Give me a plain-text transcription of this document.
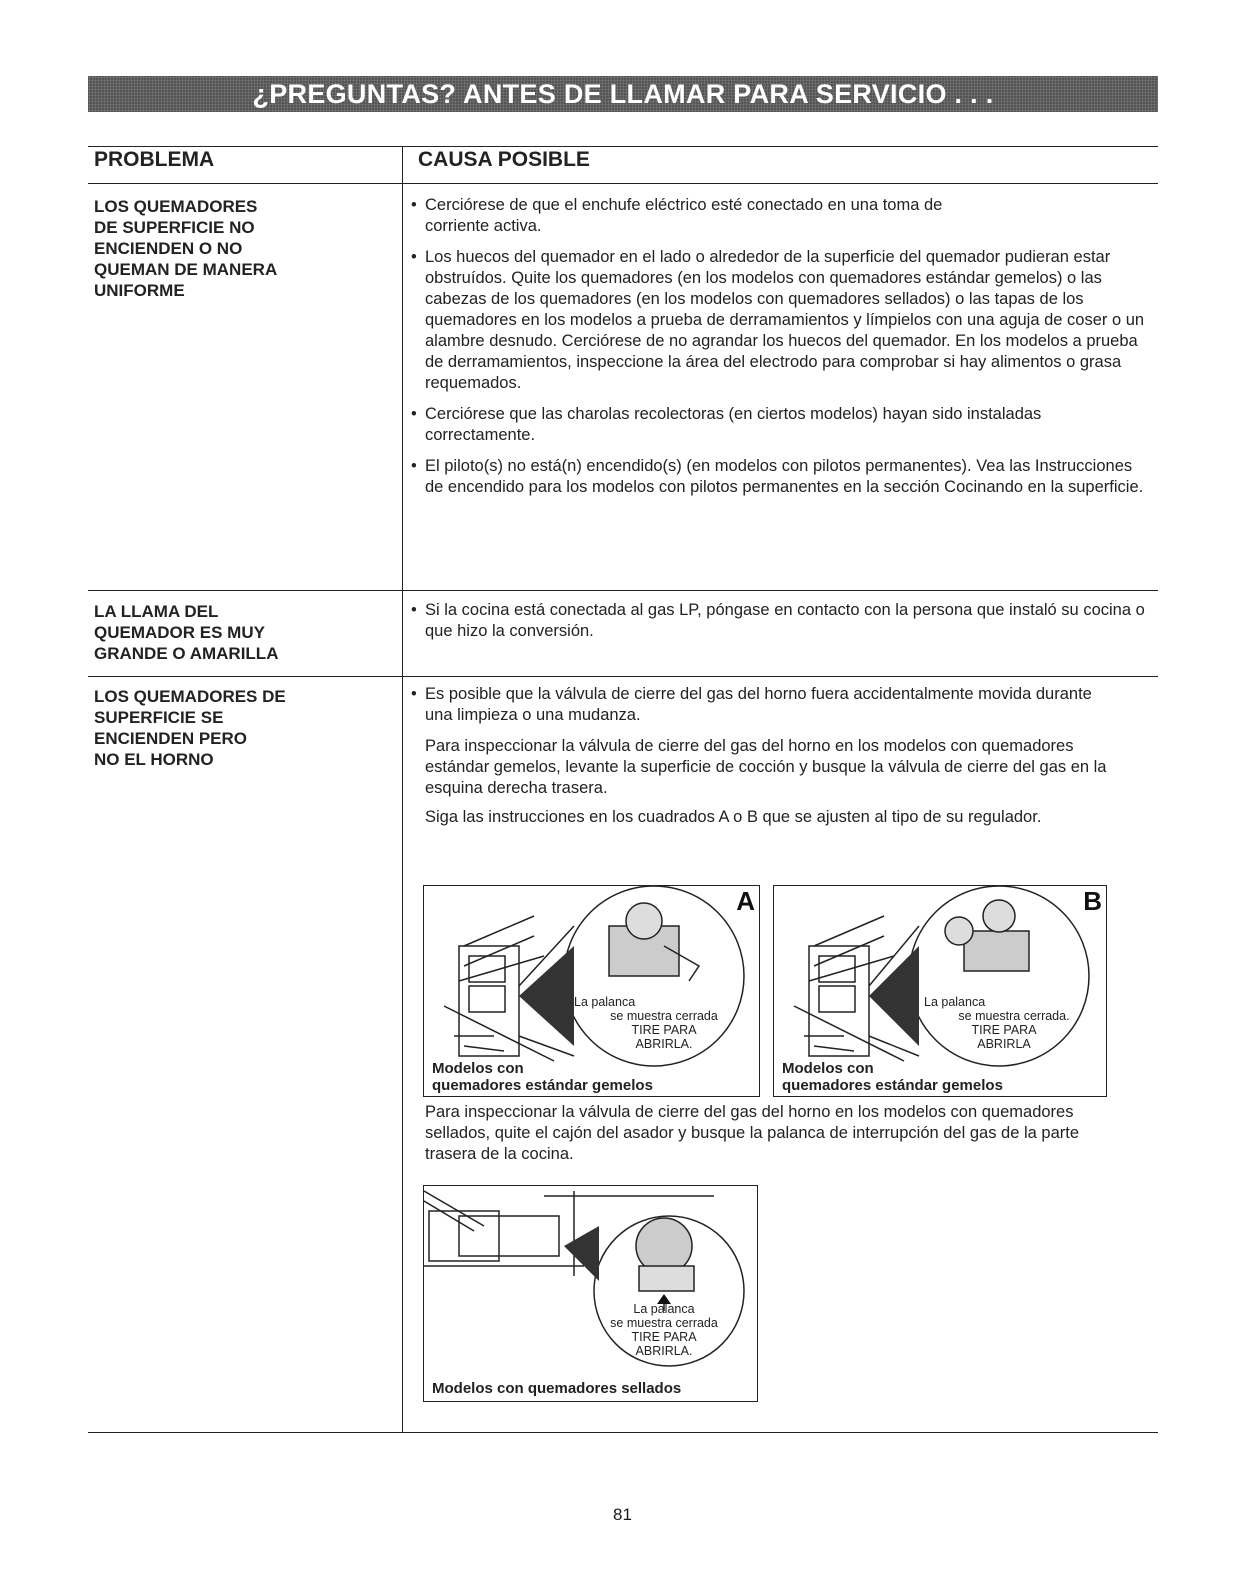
¿PREGUNTAS? ANTES DE LLAMAR PARA SERVICIO . . .
PROBLEMA	CAUSA POSIBLE
LOS QUEMADORES
DE SUPERFICIE NO
ENCIENDEN O NO
QUEMAN DE MANERA
UNIFORME
• Cerciórese de que el enchufe eléctrico esté conectado en una toma de corriente activa.
• Los huecos del quemador en el lado o alrededor de la superficie del quemador pudieran estar obstruídos. Quite los quemadores (en los modelos con quemadores estándar gemelos) o las cabezas de los quemadores (en los modelos con quemadores sellados) o las tapas de los quemadores en los modelos a prueba de derramamientos y límpielos con una aguja de coser o un alambre desnudo. Cerciórese de no agrandar los huecos del quemador. En los modelos a prueba de derramamientos, inspeccione la área del electrodo para comprobar si hay alimentos o grasa requemados.
• Cerciórese que las charolas recolectoras (en ciertos modelos) hayan sido instaladas correctamente.
• El piloto(s) no está(n) encendido(s) (en modelos con pilotos permanentes). Vea las Instrucciones de encendido para los modelos con pilotos permanentes en la sección Cocinando en la superficie.
LA LLAMA DEL
QUEMADOR ES MUY
GRANDE O AMARILLA
• Si la cocina está conectada al gas LP, póngase en contacto con la persona que instaló su cocina o que hizo la conversión.
LOS QUEMADORES DE
SUPERFICIE SE
ENCIENDEN PERO
NO EL HORNO
• Es posible que la válvula de cierre del gas del horno fuera accidentalmente movida durante una limpieza o una mudanza.
Para inspeccionar la válvula de cierre del gas del horno en los modelos con quemadores estándar gemelos, levante la superficie de cocción y busque la válvula de cierre del gas en la esquina derecha trasera.
Siga las instrucciones en los cuadrados A o B que se ajusten al tipo de su regulador.
A
La palanca
se muestra cerrada
TIRE PARA
ABRIRLA.
Modelos con
quemadores estándar gemelos
B
La palanca
se muestra cerrada.
TIRE PARA
ABRIRLA
Modelos con
quemadores estándar gemelos
Para inspeccionar la válvula de cierre del gas del horno en los modelos con quemadores sellados, quite el cajón del asador y busque la palanca de interrupción del gas de la parte trasera de la cocina.
La palanca
se muestra cerrada
TIRE PARA
ABRIRLA.
Modelos con quemadores sellados
81
